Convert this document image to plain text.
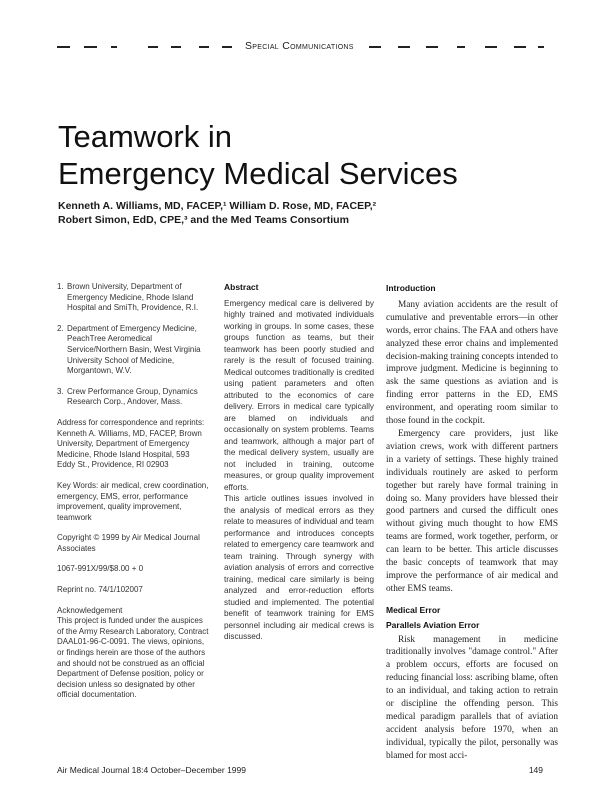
Special Communications
Teamwork in
Emergency Medical Services
Kenneth A. Williams, MD, FACEP,¹ William D. Rose, MD, FACEP,²
Robert Simon, EdD, CPE,³ and the Med Teams Consortium
1. Brown University, Department of Emergency Medicine, Rhode Island Hospital and SmiTh, Providence, R.I.
2. Department of Emergency Medicine, PeachTree Aeromedical Service/Northern Basin, West Virginia University School of Medicine, Morgantown, W.V.
3. Crew Performance Group, Dynamics Research Corp., Andover, Mass.

Address for correspondence and reprints: Kenneth A. Williams, MD, FACEP, Brown University, Department of Emergency Medicine, Rhode Island Hospital, 593 Eddy St., Providence, RI 02903

Key Words: air medical, crew coordination, emergency, EMS, error, performance improvement, quality improvement, teamwork

Copyright © 1999 by Air Medical Journal Associates

1067-991X/99/$8.00 + 0

Reprint no. 74/1/102007

Acknowledgement

This project is funded under the auspices of the Army Research Laboratory, Contract DAAL01-96-C-0091. The views, opinions, or findings herein are those of the authors and should not be construed as an official Department of Defense position, policy or decision unless so designated by other official documentation.

Abstract

Emergency medical care is delivered by highly trained and motivated individuals working in groups. In some cases, these groups function as teams, but their teamwork has been poorly studied and rarely is the result of focused training. Medical outcomes traditionally is credited using patient parameters and often attributed to the economics of care delivery. Errors in medical care typically are blamed on individuals and occasionally on system problems. Teams and teamwork, although a major part of the medical delivery system, usually are not included in training, outcome measures, or group quality improvement efforts.

This article outlines issues involved in the analysis of medical errors as they relate to measures of individual and team performance and introduces concepts related to emergency care teamwork and team training. Through synergy with aviation analysis of errors and corrective training, medical care similarly is being analyzed and error-reduction efforts studied and implemented. The potential benefit of teamwork training for EMS personnel including air medical crews is discussed.

Introduction

Many aviation accidents are the result of cumulative and preventable errors—in other words, error chains. The FAA and others have analyzed these error chains and implemented decision-making training concepts intended to improve judgment. Medicine is beginning to ask the same questions as aviation and is finding error patterns in the ED, EMS environment, and operating room similar to those found in the cockpit.

Emergency care providers, just like aviation crews, work with different partners in a variety of settings. These highly trained individuals routinely are asked to perform together but rarely have formal training in doing so. Many providers have blessed their good partners and cursed the difficult ones without giving much thought to how EMS teams are formed, work together, perform, or can learn to be better. This article discusses the basic concepts of teamwork that may improve the performance of air medical and other EMS teams.

Medical Error
Parallels Aviation Error

Risk management in medicine traditionally involves "damage control." After a problem occurs, efforts are focused on reducing financial loss: ascribing blame, often to an individual, and taking action to retrain or discipline the offending person. This medical paradigm parallels that of aviation accident analysis before 1970, when an individual, typically the pilot, personally was blamed for most acci-

Air Medical Journal 18:4 October–December 1999	149
